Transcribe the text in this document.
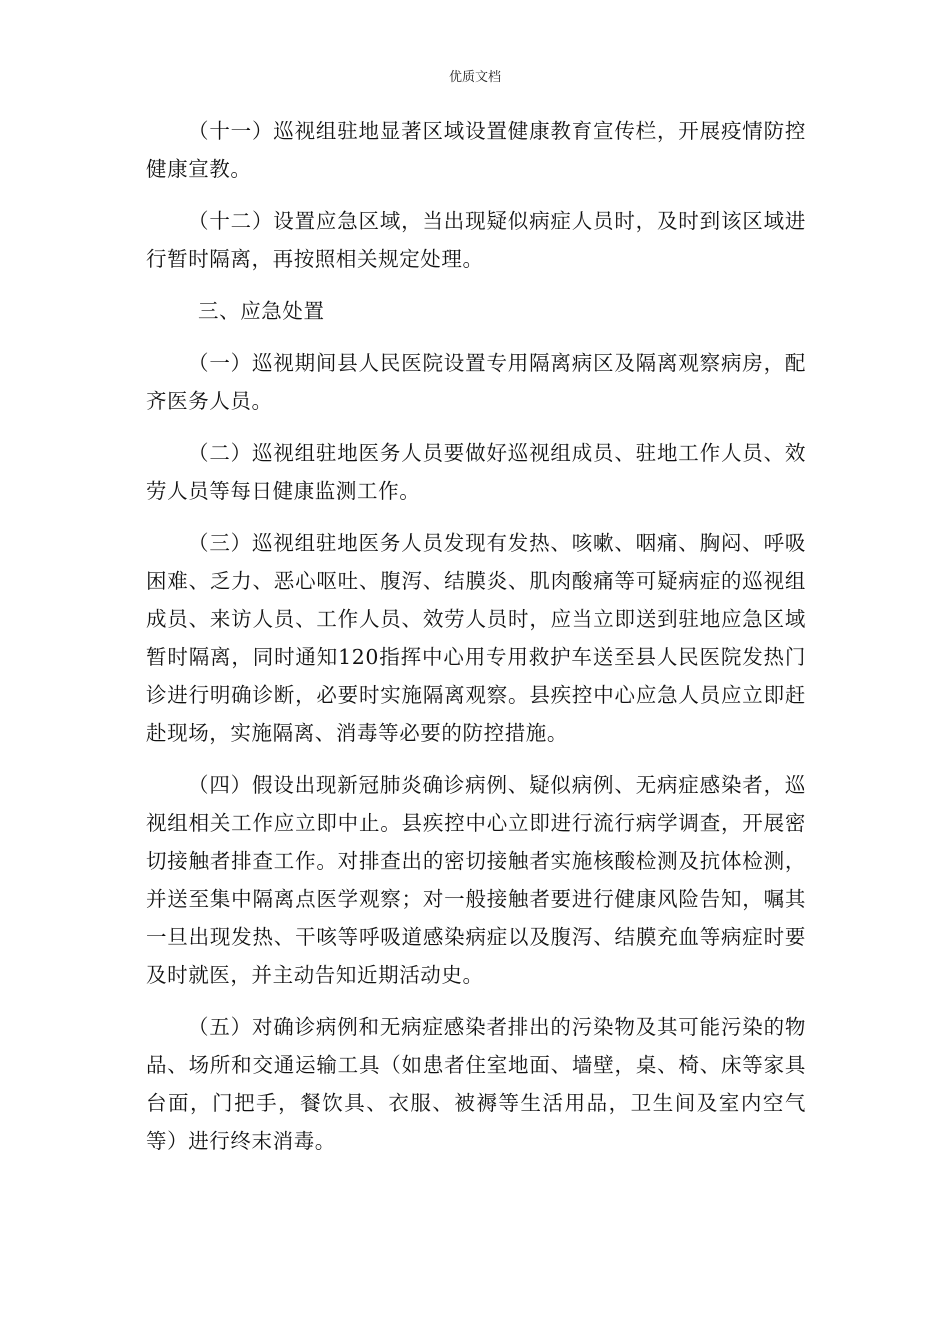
优质文档

（十一）巡视组驻地显著区域设置健康教育宣传栏，开展疫情防控健康宣教。

（十二）设置应急区域，当出现疑似病症人员时，及时到该区域进行暂时隔离，再按照相关规定处理。

三、应急处置

（一）巡视期间县人民医院设置专用隔离病区及隔离观察病房，配齐医务人员。

（二）巡视组驻地医务人员要做好巡视组成员、驻地工作人员、效劳人员等每日健康监测工作。

（三）巡视组驻地医务人员发现有发热、咳嗽、咽痛、胸闷、呼吸困难、乏力、恶心呕吐、腹泻、结膜炎、肌肉酸痛等可疑病症的巡视组成员、来访人员、工作人员、效劳人员时，应当立即送到驻地应急区域暂时隔离，同时通知120指挥中心用专用救护车送至县人民医院发热门诊进行明确诊断，必要时实施隔离观察。县疾控中心应急人员应立即赶赴现场，实施隔离、消毒等必要的防控措施。

（四）假设出现新冠肺炎确诊病例、疑似病例、无病症感染者，巡视组相关工作应立即中止。县疾控中心立即进行流行病学调查，开展密切接触者排查工作。对排查出的密切接触者实施核酸检测及抗体检测，并送至集中隔离点医学观察；对一般接触者要进行健康风险告知，嘱其一旦出现发热、干咳等呼吸道感染病症以及腹泻、结膜充血等病症时要及时就医，并主动告知近期活动史。

（五）对确诊病例和无病症感染者排出的污染物及其可能污染的物品、场所和交通运输工具（如患者住室地面、墙壁，桌、椅、床等家具台面，门把手，餐饮具、衣服、被褥等生活用品，卫生间及室内空气等）进行终末消毒。
